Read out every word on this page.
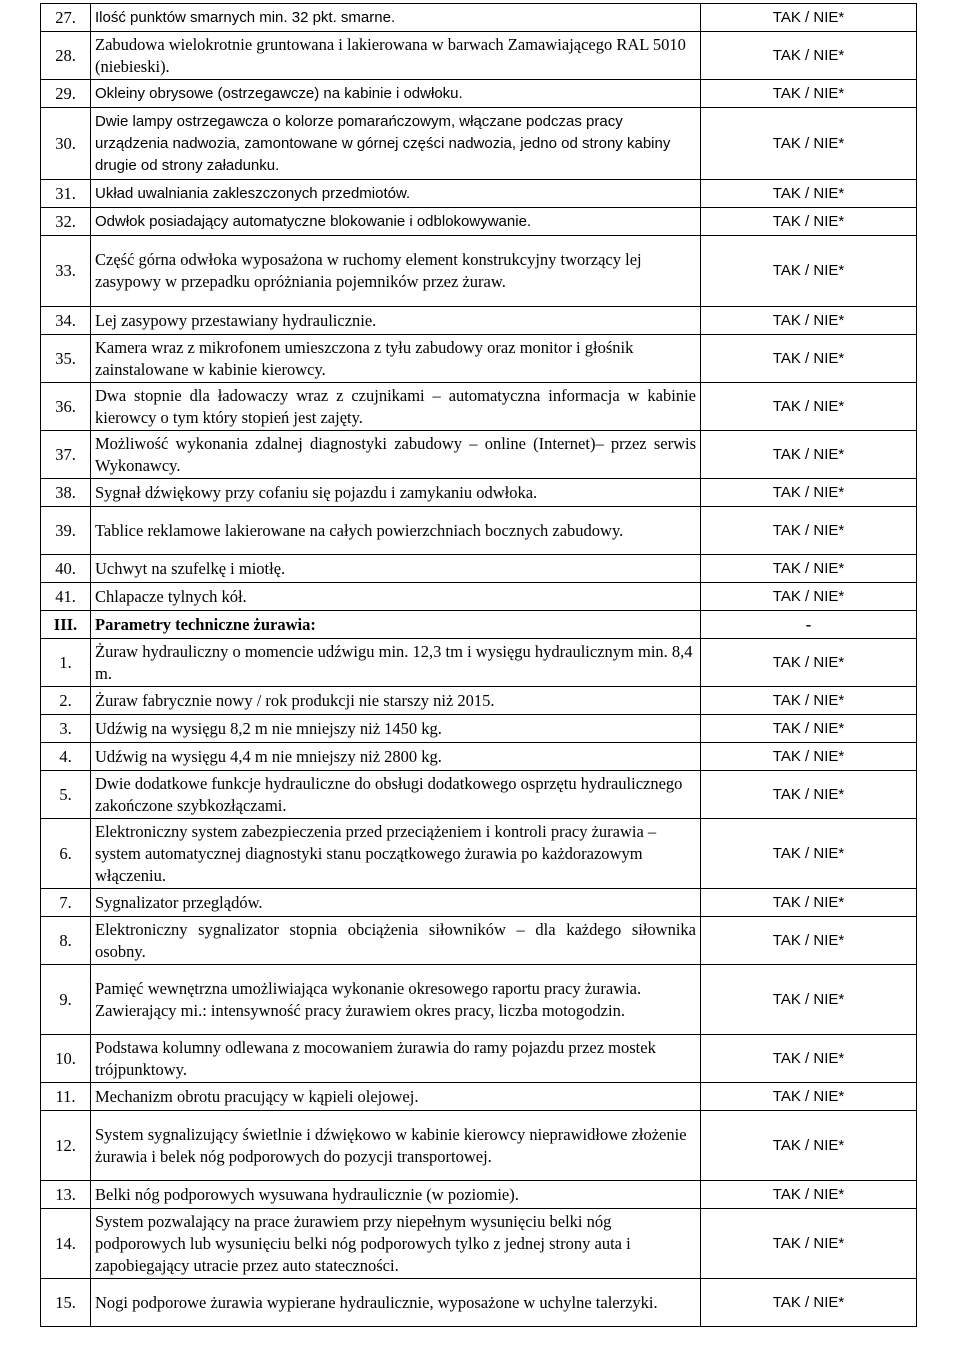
27.	Ilość punktów smarnych min. 32 pkt. smarne.	TAK / NIE*
28.	Zabudowa wielokrotnie gruntowana i lakierowana w barwach Zamawiającego RAL 5010 (niebieski).	TAK / NIE*
29.	Okleiny obrysowe (ostrzegawcze) na kabinie i odwłoku.	TAK / NIE*
30.	Dwie lampy ostrzegawcza o kolorze pomarańczowym, włączane podczas pracy urządzenia nadwozia, zamontowane w górnej części nadwozia, jedno od strony kabiny drugie od strony załadunku.	TAK / NIE*
31.	Układ uwalniania zakleszczonych przedmiotów.	TAK / NIE*
32.	Odwłok posiadający automatyczne blokowanie i odblokowywanie.	TAK / NIE*
33.	Część górna odwłoka wyposażona w ruchomy element konstrukcyjny tworzący lej zasypowy w przepadku opróżniania pojemników przez żuraw.	TAK / NIE*
34.	Lej zasypowy przestawiany hydraulicznie.	TAK / NIE*
35.	Kamera wraz z mikrofonem umieszczona z tyłu zabudowy oraz monitor i głośnik zainstalowane w kabinie kierowcy.	TAK / NIE*
36.	Dwa stopnie dla ładowaczy wraz z czujnikami – automatyczna informacja w kabinie kierowcy o tym który stopień jest zajęty.	TAK / NIE*
37.	Możliwość wykonania zdalnej diagnostyki zabudowy – online (Internet)– przez serwis Wykonawcy.	TAK / NIE*
38.	Sygnał dźwiękowy przy cofaniu się pojazdu i zamykaniu odwłoka.	TAK / NIE*
39.	Tablice reklamowe lakierowane na całych powierzchniach bocznych zabudowy.	TAK / NIE*
40.	Uchwyt na szufelkę i miotłę.	TAK / NIE*
41.	Chlapacze tylnych kół.	TAK / NIE*
III.	Parametry techniczne żurawia:	-
1.	Żuraw hydrauliczny o momencie udźwigu min. 12,3 tm i wysięgu hydraulicznym min. 8,4 m.	TAK / NIE*
2.	Żuraw fabrycznie nowy / rok produkcji nie starszy niż 2015.	TAK / NIE*
3.	Udźwig na wysięgu 8,2 m nie mniejszy niż 1450 kg.	TAK / NIE*
4.	Udźwig na wysięgu 4,4 m nie mniejszy niż 2800 kg.	TAK / NIE*
5.	Dwie dodatkowe funkcje hydrauliczne do obsługi dodatkowego osprzętu hydraulicznego zakończone szybkozłączami.	TAK / NIE*
6.	Elektroniczny system zabezpieczenia przed przeciążeniem i kontroli pracy żurawia – system automatycznej diagnostyki stanu początkowego żurawia po każdorazowym włączeniu.	TAK / NIE*
7.	Sygnalizator przeglądów.	TAK / NIE*
8.	Elektroniczny sygnalizator stopnia obciążenia siłowników – dla każdego siłownika osobny.	TAK / NIE*
9.	Pamięć wewnętrzna umożliwiająca wykonanie okresowego raportu pracy żurawia. Zawierający mi.: intensywność pracy żurawiem okres pracy, liczba motogodzin.	TAK / NIE*
10.	Podstawa kolumny odlewana z mocowaniem żurawia do ramy pojazdu przez mostek trójpunktowy.	TAK / NIE*
11.	Mechanizm obrotu pracujący w kąpieli olejowej.	TAK / NIE*
12.	System sygnalizujący świetlnie i dźwiękowo w kabinie kierowcy nieprawidłowe złożenie żurawia i belek nóg podporowych do pozycji transportowej.	TAK / NIE*
13.	Belki nóg podporowych wysuwana hydraulicznie (w poziomie).	TAK / NIE*
14.	System pozwalający na prace żurawiem przy niepełnym wysunięciu belki nóg podporowych lub wysunięciu belki nóg podporowych tylko z jednej strony auta i zapobiegający utracie przez auto stateczności.	TAK / NIE*
15.	Nogi podporowe żurawia wypierane hydraulicznie, wyposażone w uchylne talerzyki.	TAK / NIE*
